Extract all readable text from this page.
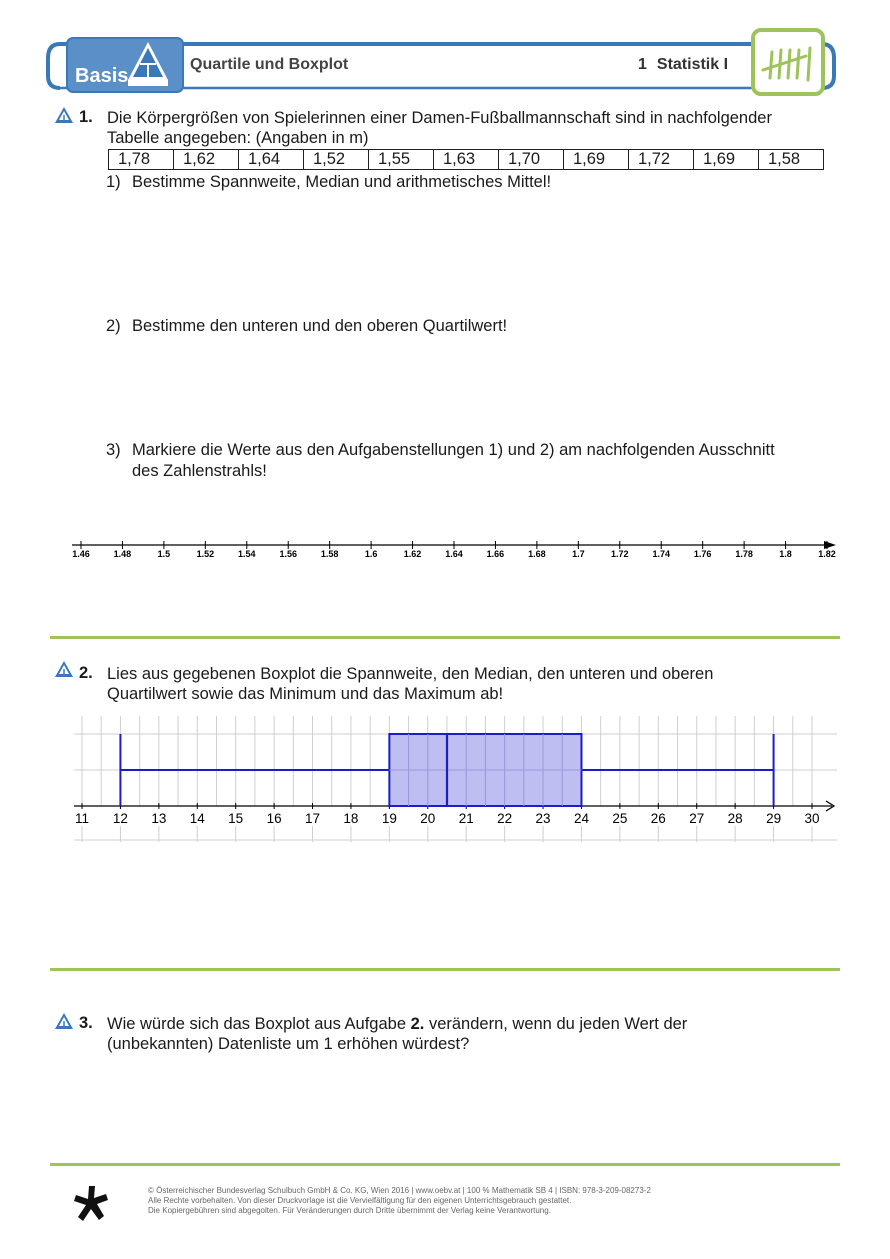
Basis
Quartile und Boxplot	1 Statistik I
1. Die Körpergrößen von Spielerinnen einer Damen-Fußballmannschaft sind in nachfolgender
Tabelle angegeben: (Angaben in m)
1,78	1,62	1,64	1,52	1,55	1,63	1,70	1,69	1,72	1,69	1,58
1) Bestimme Spannweite, Median und arithmetisches Mittel!
2) Bestimme den unteren und den oberen Quartilwert!
3) Markiere die Werte aus den Aufgabenstellungen 1) und 2) am nachfolgenden Ausschnitt
des Zahlenstrahls!
1.46	1.48	1.5	1.52	1.54	1.56	1.58	1.6	1.62	1.64	1.66	1.68	1.7	1.72	1.74	1.76	1.78	1.8	1.82
2. Lies aus gegebenen Boxplot die Spannweite, den Median, den unteren und oberen
Quartilwert sowie das Minimum und das Maximum ab!
11 12 13 14 15 16 17 18 19 20 21 22 23 24 25 26 27 28 29 30
3. Wie würde sich das Boxplot aus Aufgabe 2. verändern, wenn du jeden Wert der
(unbekannten) Datenliste um 1 erhöhen würdest?
© Österreichischer Bundesverlag Schulbuch GmbH & Co. KG, Wien 2016 | www.oebv.at | 100 % Mathematik SB 4 | ISBN: 978-3-209-08273-2
Alle Rechte vorbehalten. Von dieser Druckvorlage ist die Vervielfältigung für den eigenen Unterrichtsgebrauch gestattet.
Die Kopiergebühren sind abgegolten. Für Veränderungen durch Dritte übernimmt der Verlag keine Verantwortung.
